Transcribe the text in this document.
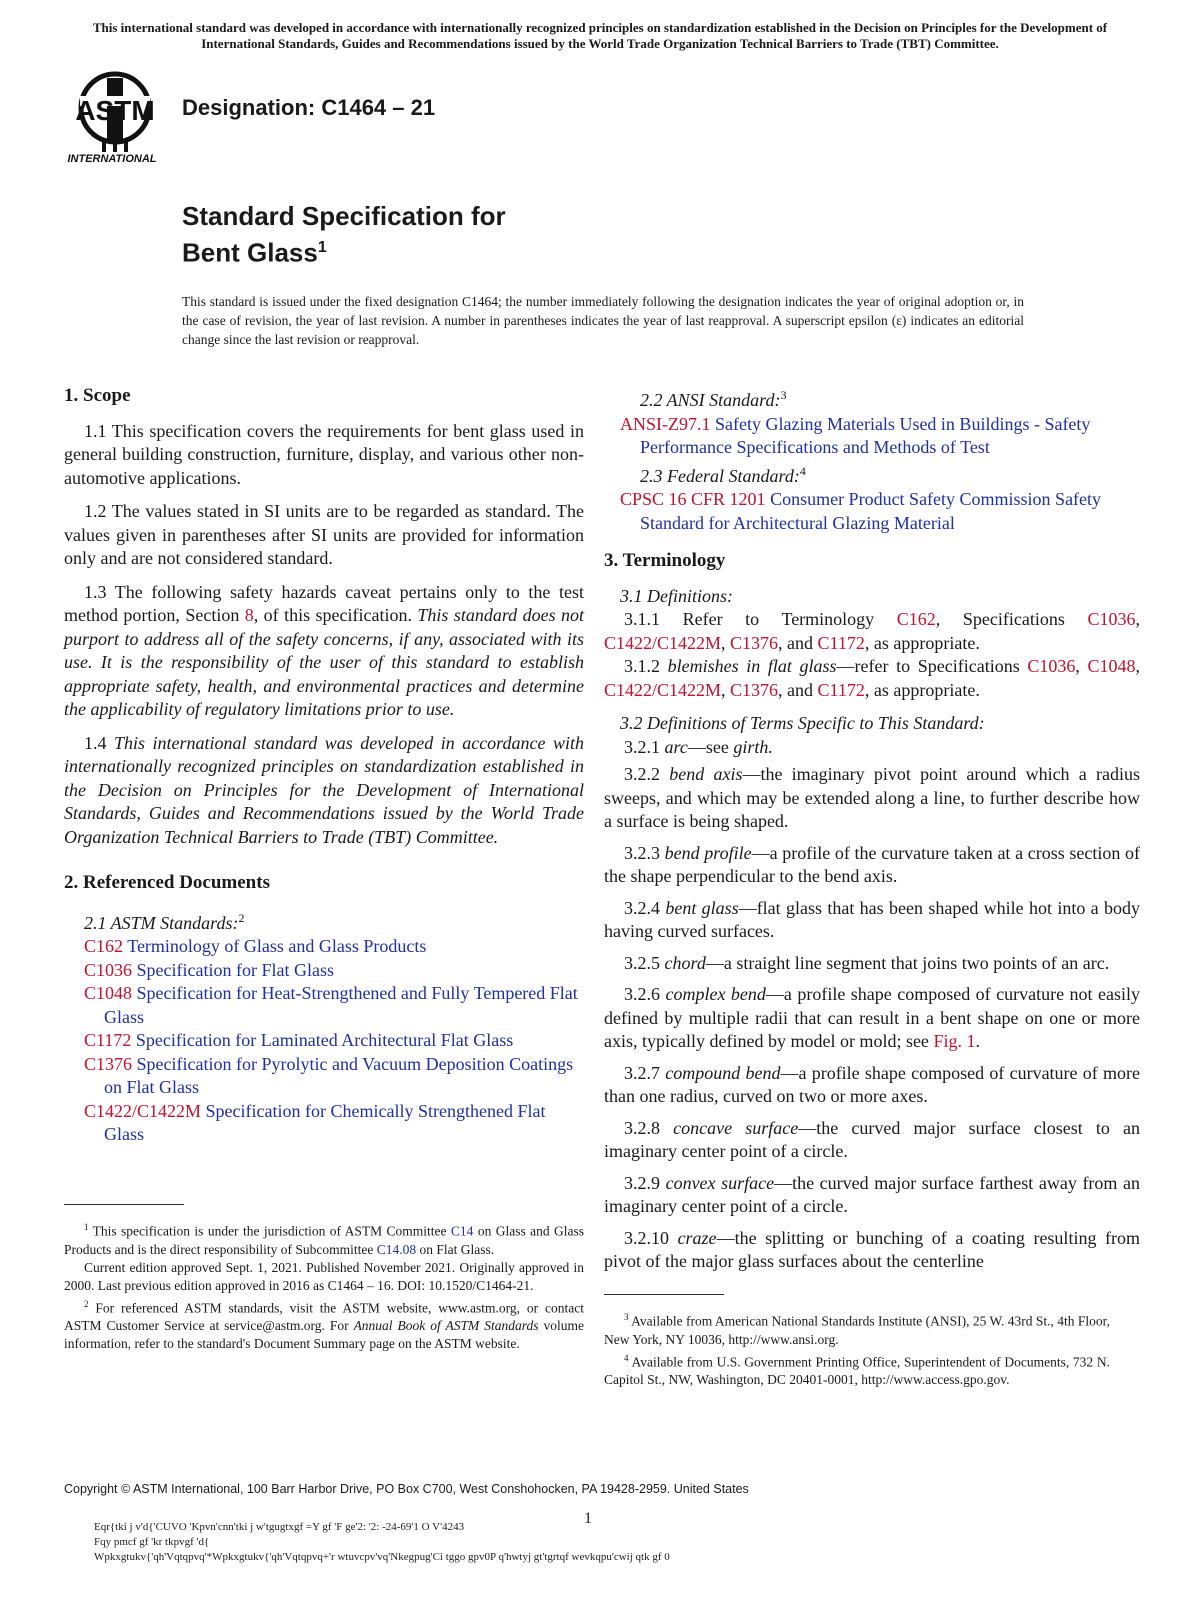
This international standard was developed in accordance with internationally recognized principles on standardization established in the Decision on Principles for the Development of International Standards, Guides and Recommendations issued by the World Trade Organization Technical Barriers to Trade (TBT) Committee.
ASTM
INTERNATIONAL
Designation: C1464 – 21
Standard Specification for
Bent Glass$^1$
This standard is issued under the fixed designation C1464; the number immediately following the designation indicates the year of original adoption or, in the case of revision, the year of last revision. A number in parentheses indicates the year of last reapproval. A superscript epsilon (ε) indicates an editorial change since the last revision or reapproval.
1. Scope

1.1 This specification covers the requirements for bent glass used in general building construction, furniture, display, and various other non-automotive applications.

1.2 The values stated in SI units are to be regarded as standard. The values given in parentheses after SI units are provided for information only and are not considered standard.

1.3 The following safety hazards caveat pertains only to the test method portion, Section 8, of this specification. This standard does not purport to address all of the safety concerns, if any, associated with its use. It is the responsibility of the user of this standard to establish appropriate safety, health, and environmental practices and determine the applicability of regulatory limitations prior to use.

1.4 This international standard was developed in accordance with internationally recognized principles on standardization established in the Decision on Principles for the Development of International Standards, Guides and Recommendations issued by the World Trade Organization Technical Barriers to Trade (TBT) Committee.

2. Referenced Documents

2.1 ASTM Standards:$^2$

C162 Terminology of Glass and Glass Products

C1036 Specification for Flat Glass

C1048 Specification for Heat-Strengthened and Fully Tempered Flat Glass

C1172 Specification for Laminated Architectural Flat Glass

C1376 Specification for Pyrolytic and Vacuum Deposition Coatings on Flat Glass

C1422/C1422M Specification for Chemically Strengthened Flat Glass

$^1$ This specification is under the jurisdiction of ASTM Committee C14 on Glass and Glass Products and is the direct responsibility of Subcommittee C14.08 on Flat Glass.

Current edition approved Sept. 1, 2021. Published November 2021. Originally approved in 2000. Last previous edition approved in 2016 as C1464 – 16. DOI: 10.1520/C1464-21.

$^2$ For referenced ASTM standards, visit the ASTM website, www.astm.org, or contact ASTM Customer Service at service@astm.org. For Annual Book of ASTM Standards volume information, refer to the standard's Document Summary page on the ASTM website.

2.2 ANSI Standard:$^3$

ANSI-Z97.1 Safety Glazing Materials Used in Buildings - Safety Performance Specifications and Methods of Test

2.3 Federal Standard:$^4$

CPSC 16 CFR 1201 Consumer Product Safety Commission Safety Standard for Architectural Glazing Material

3. Terminology

3.1 Definitions:

3.1.1 Refer to Terminology C162, Specifications C1036, C1422/C1422M, C1376, and C1172, as appropriate.

3.1.2 blemishes in flat glass—refer to Specifications C1036, C1048, C1422/C1422M, C1376, and C1172, as appropriate.

3.2 Definitions of Terms Specific to This Standard:

3.2.1 arc—see girth.

3.2.2 bend axis—the imaginary pivot point around which a radius sweeps, and which may be extended along a line, to further describe how a surface is being shaped.

3.2.3 bend profile—a profile of the curvature taken at a cross section of the shape perpendicular to the bend axis.

3.2.4 bent glass—flat glass that has been shaped while hot into a body having curved surfaces.

3.2.5 chord—a straight line segment that joins two points of an arc.

3.2.6 complex bend—a profile shape composed of curvature not easily defined by multiple radii that can result in a bent shape on one or more axis, typically defined by model or mold; see Fig. 1.

3.2.7 compound bend—a profile shape composed of curvature of more than one radius, curved on two or more axes.

3.2.8 concave surface—the curved major surface closest to an imaginary center point of a circle.

3.2.9 convex surface—the curved major surface farthest away from an imaginary center point of a circle.

3.2.10 craze—the splitting or bunching of a coating resulting from pivot of the major glass surfaces about the centerline

$^3$ Available from American National Standards Institute (ANSI), 25 W. 43rd St., 4th Floor, New York, NY 10036, http://www.ansi.org.

$^4$ Available from U.S. Government Printing Office, Superintendent of Documents, 732 N. Capitol St., NW, Washington, DC 20401-0001, http://www.access.gpo.gov.

Copyright © ASTM International, 100 Barr Harbor Drive, PO Box C700, West Conshohocken, PA 19428-2959. United States
1
Eqr{tki j v'd{'CUVO 'Kpvn'cnn'tki j w'tgugtxgf =Y gf 'F ge'2: '2: -24-69'1 O V'4243
Fqy pmcf gf 'kr tkpvgf 'd{
Wpkxgtukv{'qh'Vqtqpvq'*Wpkxgtukv{'qh'Vqtqpvq+'r wtuvcpv'vq'Nkegpug'Ci tggo gpv0P q'hwtyj gt'tgrtqf wevkqpu'cwij qtk gf 0
